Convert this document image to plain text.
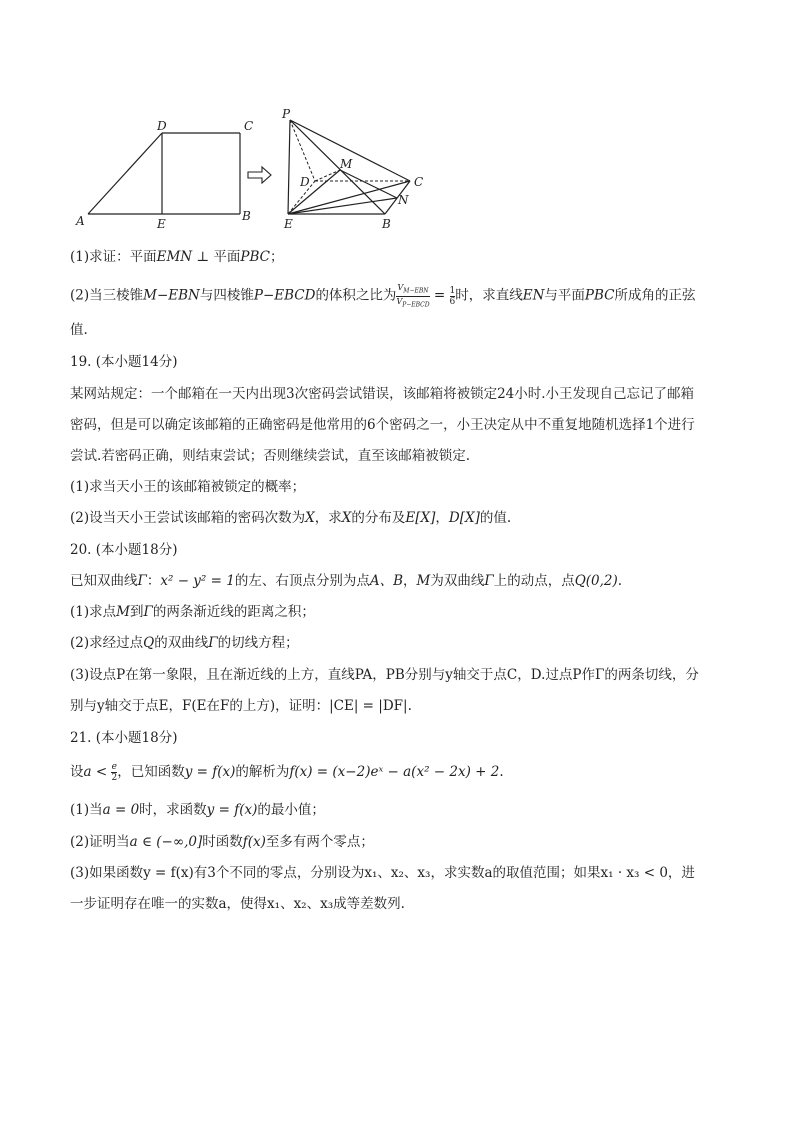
A
D	C
E
B
P
M
D	C
N
E	B
(1)求证：平面EMN ⊥ 平面PBC；
(2)当三棱锥M−EBN与四棱锥P−EBCD的体积之比为 $\frac{V_{M-EBN}}{V_{P-EBCD}} = \frac{1}{6}$ 时，求直线EN与平面PBC所成角的正弦
值.
19. (本小题14分)
某网站规定：一个邮箱在一天内出现3次密码尝试错误，该邮箱将被锁定24小时.小王发现自己忘记了邮箱
密码，但是可以确定该邮箱的正确密码是他常用的6个密码之一，小王决定从中不重复地随机选择1个进行
尝试.若密码正确，则结束尝试；否则继续尝试，直至该邮箱被锁定.
(1)求当天小王的该邮箱被锁定的概率；
(2)设当天小王尝试该邮箱的密码次数为X，求X的分布及E[X]，D[X]的值.
20. (本小题18分)
已知双曲线Γ：x² − y² = 1的左、右顶点分别为点A、B，M为双曲线Γ上的动点，点Q(0,2).
(1)求点M到Γ的两条渐近线的距离之积；
(2)求经过点Q的双曲线Γ的切线方程；
(3)设点P在第一象限，且在渐近线的上方，直线PA，PB分别与y轴交于点C，D.过点P作Γ的两条切线，分
别与y轴交于点E，F(E在F的上方)，证明：|CE| = |DF|.
21. (本小题18分)
设$a < \frac{e}{2}$ ，已知函数y = f(x)的解析为f(x) = (x−2)eˣ − a(x² − 2x) + 2.
(1)当a = 0时，求函数y = f(x)的最小值；
(2)证明当a ∈ (−∞,0]时函数f(x)至多有两个零点；
(3)如果函数y = f(x)有3个不同的零点，分别设为x₁、x₂、x₃，求实数a的取值范围；如果x₁ · x₃ < 0，进
一步证明存在唯一的实数a，使得x₁、x₂、x₃成等差数列.
